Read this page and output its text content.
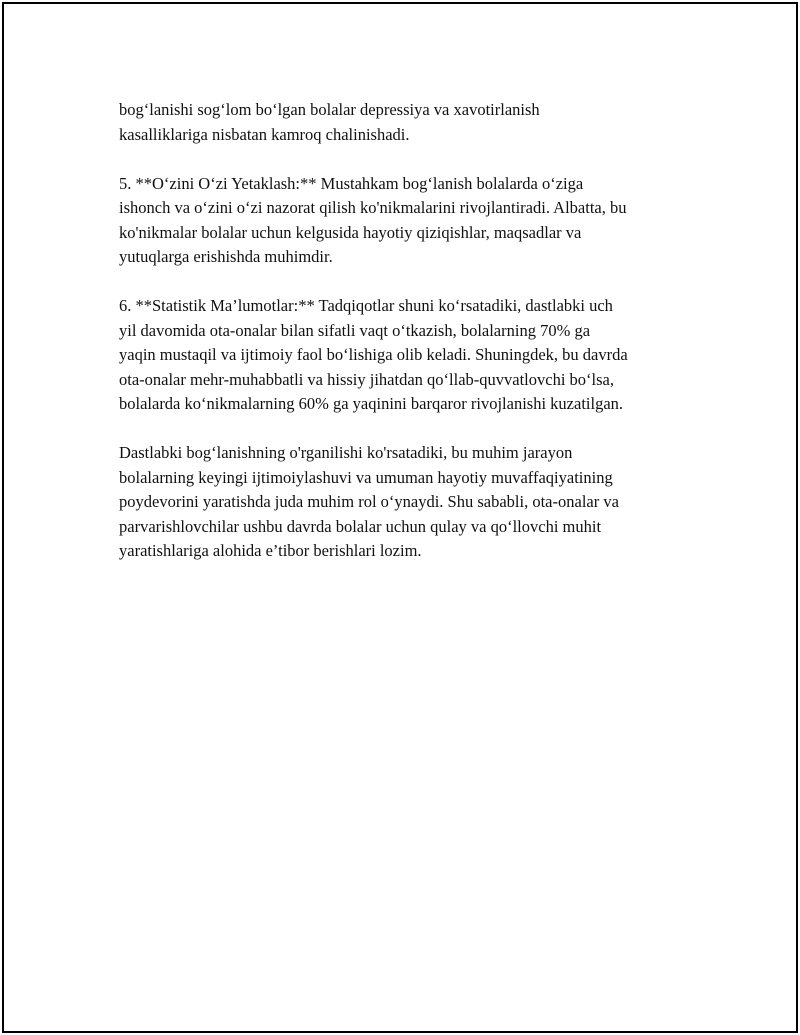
bog‘lanishi sog‘lom bo‘lgan bolalar depressiya va xavotirlanish
kasalliklariga nisbatan kamroq chalinishadi.

5. **O‘zini O‘zi Yetaklash:** Mustahkam bog‘lanish bolalarda o‘ziga
ishonch va o‘zini o‘zi nazorat qilish ko'nikmalarini rivojlantiradi. Albatta, bu
ko'nikmalar bolalar uchun kelgusida hayotiy qiziqishlar, maqsadlar va
yutuqlarga erishishda muhimdir.

6. **Statistik Ma’lumotlar:** Tadqiqotlar shuni ko‘rsatadiki, dastlabki uch
yil davomida ota-onalar bilan sifatli vaqt o‘tkazish, bolalarning 70% ga
yaqin mustaqil va ijtimoiy faol bo‘lishiga olib keladi. Shuningdek, bu davrda
ota-onalar mehr-muhabbatli va hissiy jihatdan qo‘llab-quvvatlovchi bo‘lsa,
bolalarda ko‘nikmalarning 60% ga yaqinini barqaror rivojlanishi kuzatilgan.

Dastlabki bog‘lanishning o'rganilishi ko'rsatadiki, bu muhim jarayon
bolalarning keyingi ijtimoiylashuvi va umuman hayotiy muvaffaqiyatining
poydevorini yaratishda juda muhim rol o‘ynaydi. Shu sababli, ota-onalar va
parvarishlovchilar ushbu davrda bolalar uchun qulay va qo‘llovchi muhit
yaratishlariga alohida e’tibor berishlari lozim.
